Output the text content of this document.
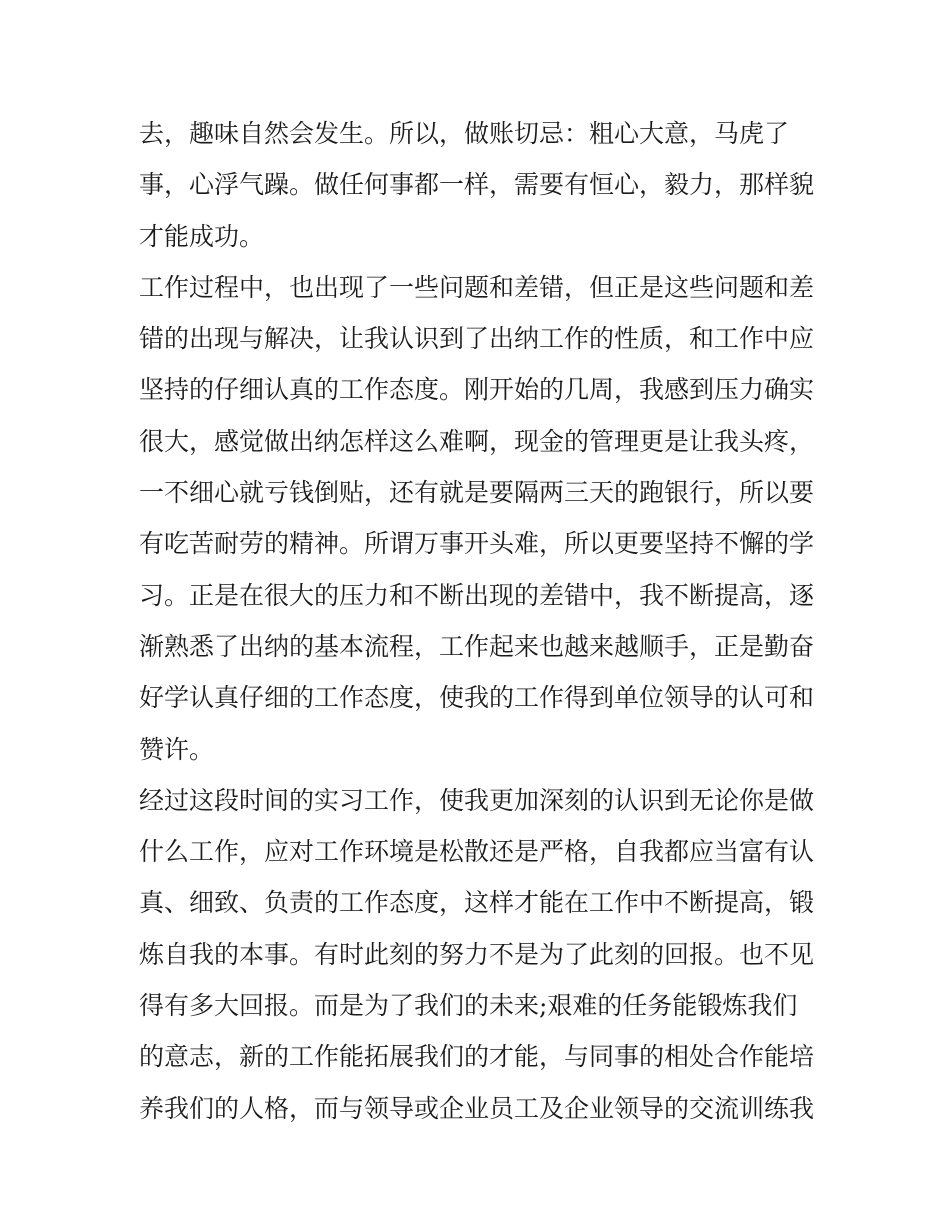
去，趣味自然会发生。所以，做账切忌：粗心大意，马虎了
事，心浮气躁。做任何事都一样，需要有恒心，毅力，那样貌
才能成功。
工作过程中，也出现了一些问题和差错，但正是这些问题和差
错的出现与解决，让我认识到了出纳工作的性质，和工作中应
坚持的仔细认真的工作态度。刚开始的几周，我感到压力确实
很大，感觉做出纳怎样这么难啊，现金的管理更是让我头疼，
一不细心就亏钱倒贴，还有就是要隔两三天的跑银行，所以要
有吃苦耐劳的精神。所谓万事开头难，所以更要坚持不懈的学
习。正是在很大的压力和不断出现的差错中，我不断提高，逐
渐熟悉了出纳的基本流程，工作起来也越来越顺手，正是勤奋
好学认真仔细的工作态度，使我的工作得到单位领导的认可和
赞许。
经过这段时间的实习工作，使我更加深刻的认识到无论你是做
什么工作，应对工作环境是松散还是严格，自我都应当富有认
真、细致、负责的工作态度，这样才能在工作中不断提高，锻
炼自我的本事。有时此刻的努力不是为了此刻的回报。也不见
得有多大回报。而是为了我们的未来;艰难的任务能锻炼我们
的意志，新的工作能拓展我们的才能，与同事的相处合作能培
养我们的人格，而与领导或企业员工及企业领导的交流训练我
